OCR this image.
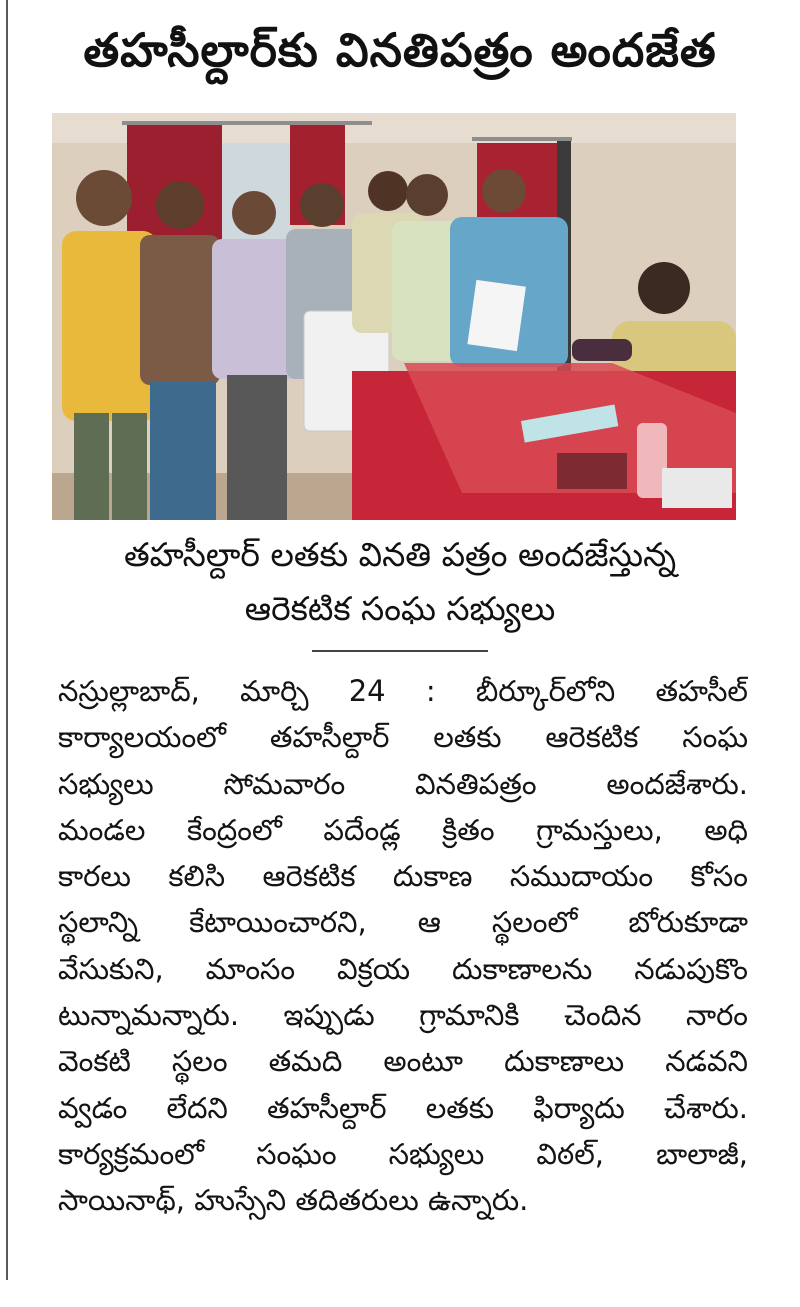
తహసీల్దార్‌కు వినతిపత్రం అందజేత
తహసీల్దార్ లతకు వినతి పత్రం అందజేస్తున్న
ఆరెకటిక సంఘ సభ్యులు
నస్రుల్లాబాద్, మార్చి 24 : బీర్కూర్‌లోని తహసీల్
కార్యాలయంలో తహసీల్దార్ లతకు ఆరెకటిక సంఘ
సభ్యులు సోమవారం వినతిపత్రం అందజేశారు.
మండల కేంద్రంలో పదేండ్ల క్రితం గ్రామస్తులు, అధి
కారలు కలిసి ఆరెకటిక దుకాణ సముదాయం కోసం
స్థలాన్ని కేటాయించారని, ఆ స్థలంలో బోరుకూడా
వేసుకుని, మాంసం విక్రయ దుకాణాలను నడుపుకొం
టున్నామన్నారు. ఇప్పుడు గ్రామానికి చెందిన నారం
వెంకటి స్థలం తమది అంటూ దుకాణాలు నడవని
వ్వడం లేదని తహసీల్దార్ లతకు ఫిర్యాదు చేశారు.
కార్యక్రమంలో సంఘం సభ్యులు విఠల్, బాలాజీ,
సాయినాథ్, హుస్సేని తదితరులు ఉన్నారు.
